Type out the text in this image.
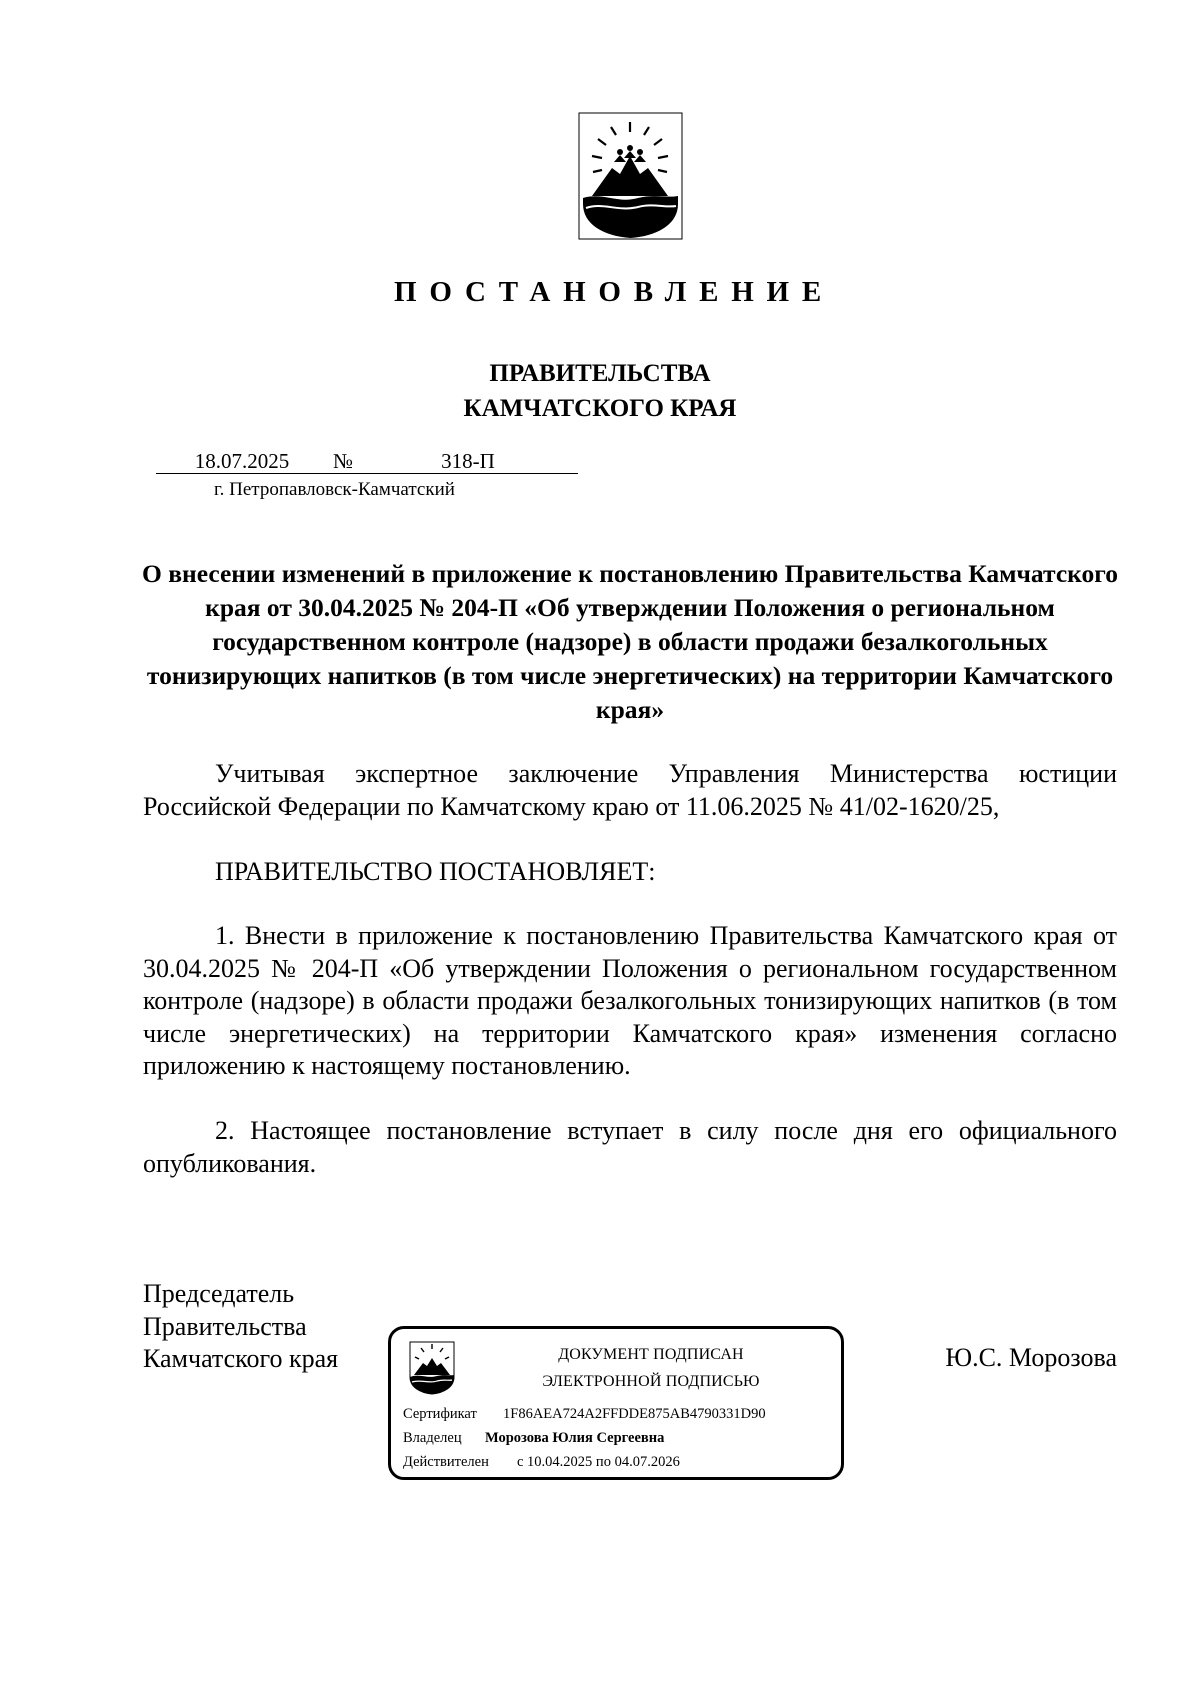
ПОСТАНОВЛЕНИЕ
ПРАВИТЕЛЬСТВА
КАМЧАТСКОГО КРАЯ
18.07.2025	№	318-П
г. Петропавловск-Камчатский
О внесении изменений в приложение к постановлению Правительства Камчатского края от 30.04.2025 № 204-П «Об утверждении Положения о региональном государственном контроле (надзоре) в области продажи безалкогольных тонизирующих напитков (в том числе энергетических) на территории Камчатского края»
Учитывая экспертное заключение Управления Министерства юстиции Российской Федерации по Камчатскому краю от 11.06.2025 № 41/02-1620/25,
ПРАВИТЕЛЬСТВО ПОСТАНОВЛЯЕТ:
1. Внести в приложение к постановлению Правительства Камчатского края от 30.04.2025 № 204-П «Об утверждении Положения о региональном государственном контроле (надзоре) в области продажи безалкогольных тонизирующих напитков (в том числе энергетических) на территории Камчатского края» изменения согласно приложению к настоящему постановлению.
2. Настоящее постановление вступает в силу после дня его официального опубликования.
Председатель
Правительства
Камчатского края	Ю.С. Морозова
ДОКУМЕНТ ПОДПИСАН
ЭЛЕКТРОННОЙ ПОДПИСЬЮ
Сертификат 1F86AEA724A2FFDDE875AB4790331D90
Владелец Морозова Юлия Сергеевна
Действителен с 10.04.2025 по 04.07.2026
